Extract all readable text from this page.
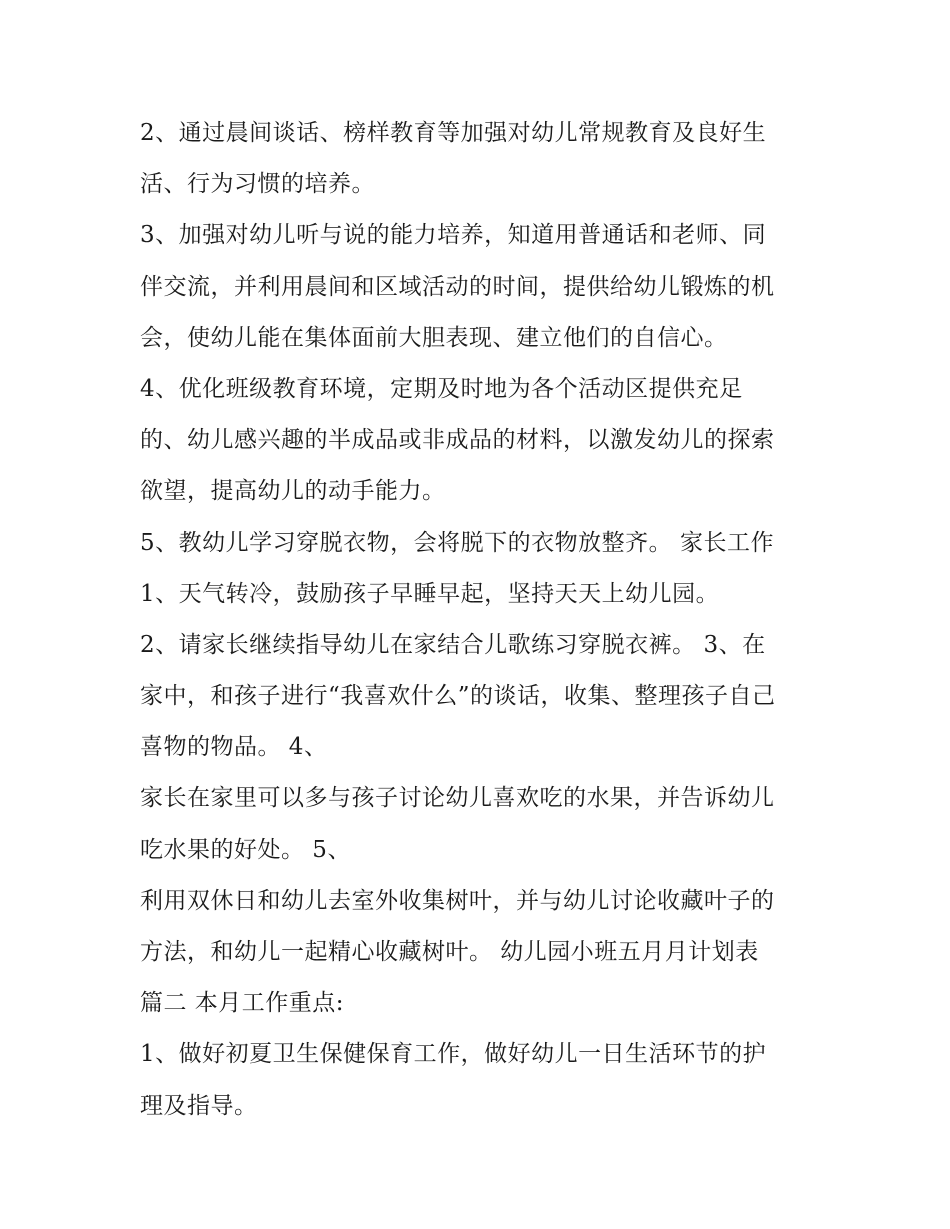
2、通过晨间谈话、榜样教育等加强对幼儿常规教育及良好生
活、行为习惯的培养。
3、加强对幼儿听与说的能力培养，知道用普通话和老师、同
伴交流，并利用晨间和区域活动的时间，提供给幼儿锻炼的机
会，使幼儿能在集体面前大胆表现、建立他们的自信心。
4、优化班级教育环境，定期及时地为各个活动区提供充足
的、幼儿感兴趣的半成品或非成品的材料，以激发幼儿的探索
欲望，提高幼儿的动手能力。
5、教幼儿学习穿脱衣物，会将脱下的衣物放整齐。 家长工作
1、天气转冷，鼓励孩子早睡早起，坚持天天上幼儿园。
2、请家长继续指导幼儿在家结合儿歌练习穿脱衣裤。 3、在
家中，和孩子进行“我喜欢什么”的谈话，收集、整理孩子自己
喜物的物品。 4、
家长在家里可以多与孩子讨论幼儿喜欢吃的水果，并告诉幼儿
吃水果的好处。 5、
利用双休日和幼儿去室外收集树叶，并与幼儿讨论收藏叶子的
方法，和幼儿一起精心收藏树叶。 幼儿园小班五月月计划表
篇二 本月工作重点:
1、做好初夏卫生保健保育工作，做好幼儿一日生活环节的护
理及指导。
